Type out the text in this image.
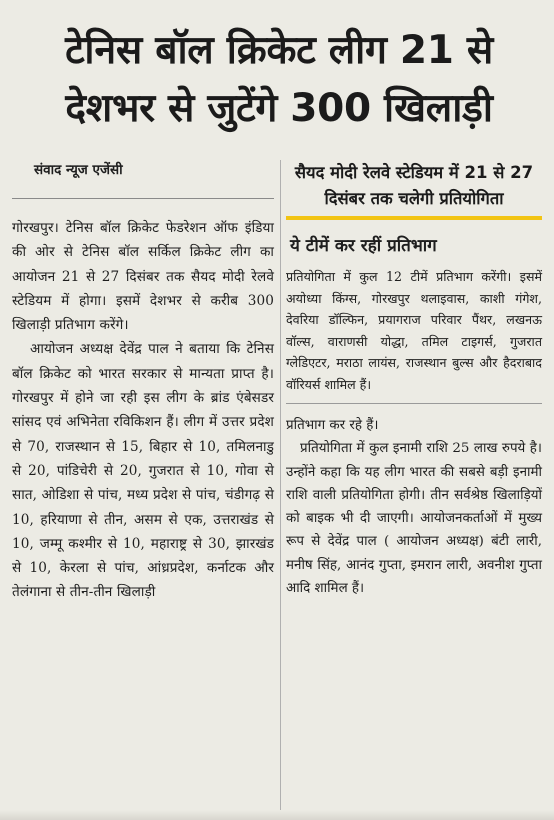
टेनिस बॉल क्रिकेट लीग 21 से
देशभर से जुटेंगे 300 खिलाड़ी
संवाद न्यूज एजेंसी

गोरखपुर। टेनिस बॉल क्रिकेट फेडरेशन ऑफ इंडिया की ओर से टेनिस बॉल सर्किल क्रिकेट लीग का आयोजन 21 से 27 दिसंबर तक सैयद मोदी रेलवे स्टेडियम में होगा। इसमें देशभर से करीब 300 खिलाड़ी प्रतिभाग करेंगे।

आयोजन अध्यक्ष देवेंद्र पाल ने बताया कि टेनिस बॉल क्रिकेट को भारत सरकार से मान्यता प्राप्त है। गोरखपुर में होने जा रही इस लीग के ब्रांड एंबेसडर सांसद एवं अभिनेता रविकिशन हैं। लीग में उत्तर प्रदेश से 70, राजस्थान से 15, बिहार से 10, तमिलनाडु से 20, पांडिचेरी से 20, गुजरात से 10, गोवा से सात, ओडिशा से पांच, मध्य प्रदेश से पांच, चंडीगढ़ से 10, हरियाणा से तीन, असम से एक, उत्तराखंड से 10, जम्मू कश्मीर से 10, महाराष्ट्र से 30, झारखंड से 10, केरला से पांच, आंध्रप्रदेश, कर्नाटक और तेलंगाना से तीन-तीन खिलाड़ी

सैयद मोदी रेलवे स्टेडियम में 21 से 27 दिसंबर तक चलेगी प्रतियोगिता
ये टीमें कर रहीं प्रतिभाग

प्रतियोगिता में कुल 12 टीमें प्रतिभाग करेंगी। इसमें अयोध्या किंग्स, गोरखपुर थलाइवास, काशी गंगेश, देवरिया डॉल्फिन, प्रयागराज परिवार पैंथर, लखनऊ वॉल्स, वाराणसी योद्धा, तमिल टाइगर्स, गुजरात ग्लेडिएटर, मराठा लायंस, राजस्थान बुल्स और हैदराबाद वॉरियर्स शामिल हैं।

प्रतिभाग कर रहे हैं।

प्रतियोगिता में कुल इनामी राशि 25 लाख रुपये है। उन्होंने कहा कि यह लीग भारत की सबसे बड़ी इनामी राशि वाली प्रतियोगिता होगी। तीन सर्वश्रेष्ठ खिलाड़ियों को बाइक भी दी जाएगी। आयोजनकर्ताओं में मुख्य रूप से देवेंद्र पाल ( आयोजन अध्यक्ष) बंटी लारी, मनीष सिंह, आनंद गुप्ता, इमरान लारी, अवनीश गुप्ता आदि शामिल हैं।
